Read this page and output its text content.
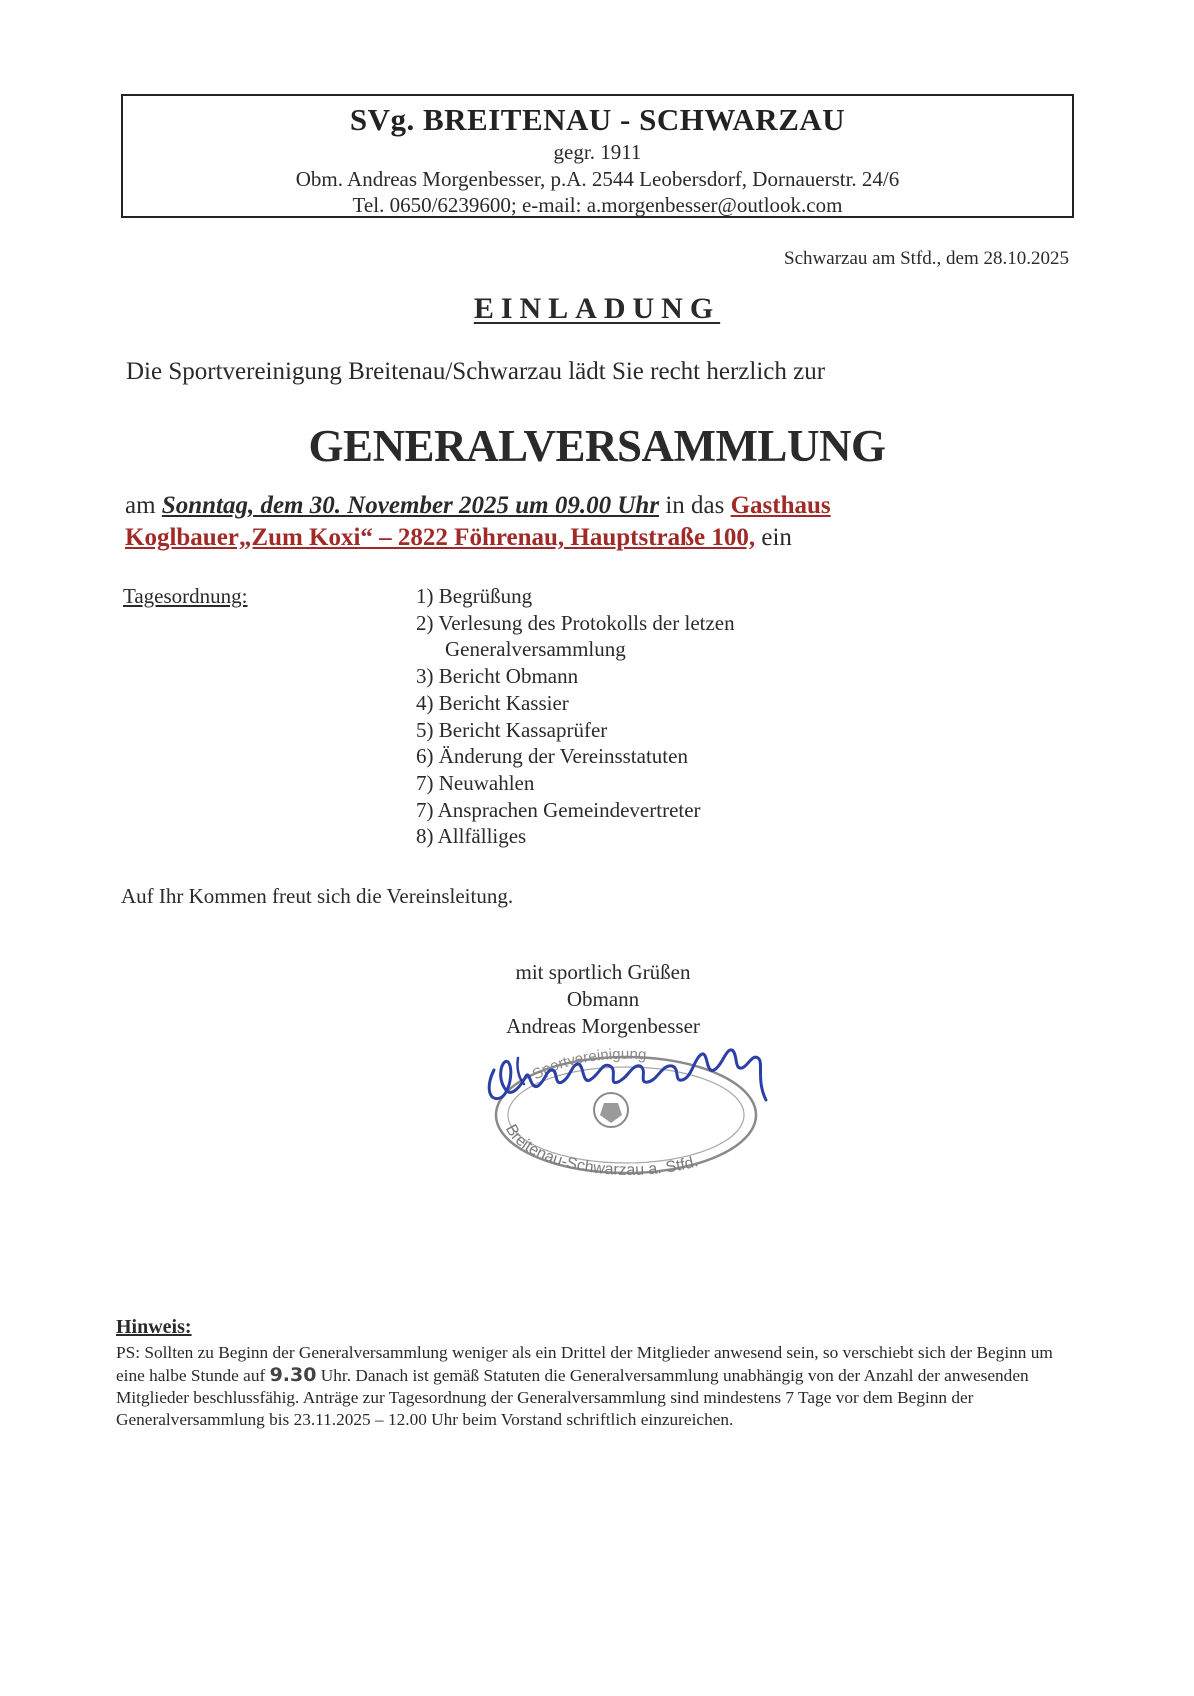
SVg. BREITENAU - SCHWARZAU
gegr. 1911
Obm. Andreas Morgenbesser, p.A. 2544 Leobersdorf, Dornauerstr. 24/6
Tel. 0650/6239600; e-mail: a.morgenbesser@outlook.com
Schwarzau am Stfd., dem 28.10.2025
EINLADUNG
Die Sportvereinigung Breitenau/Schwarzau lädt Sie recht herzlich zur
GENERALVERSAMMLUNG
am Sonntag, dem 30. November 2025 um 09.00 Uhr in das Gasthaus
Koglbauer„Zum Koxi“ – 2822 Föhrenau, Hauptstraße 100, ein
Tagesordnung:	1) Begrüßung
2) Verlesung des Protokolls der letzen
Generalversammlung
3) Bericht Obmann
4) Bericht Kassier
5) Bericht Kassaprüfer
6) Änderung der Vereinsstatuten
7) Neuwahlen
7) Ansprachen Gemeindevertreter
8) Allfälliges
Auf Ihr Kommen freut sich die Vereinsleitung.
mit sportlich Grüßen
Obmann
Andreas Morgenbesser
Sportvereinigung
Breitenau-Schwarzau a. Stfd.
Hinweis:
PS: Sollten zu Beginn der Generalversammlung weniger als ein Drittel der Mitglieder anwesend sein, so verschiebt sich der Beginn um eine halbe Stunde auf 9.30 Uhr. Danach ist gemäß Statuten die Generalversammlung unabhängig von der Anzahl der anwesenden Mitglieder beschlussfähig. Anträge zur Tagesordnung der Generalversammlung sind mindestens 7 Tage vor dem Beginn der Generalversammlung bis 23.11.2025 – 12.00 Uhr beim Vorstand schriftlich einzureichen.
